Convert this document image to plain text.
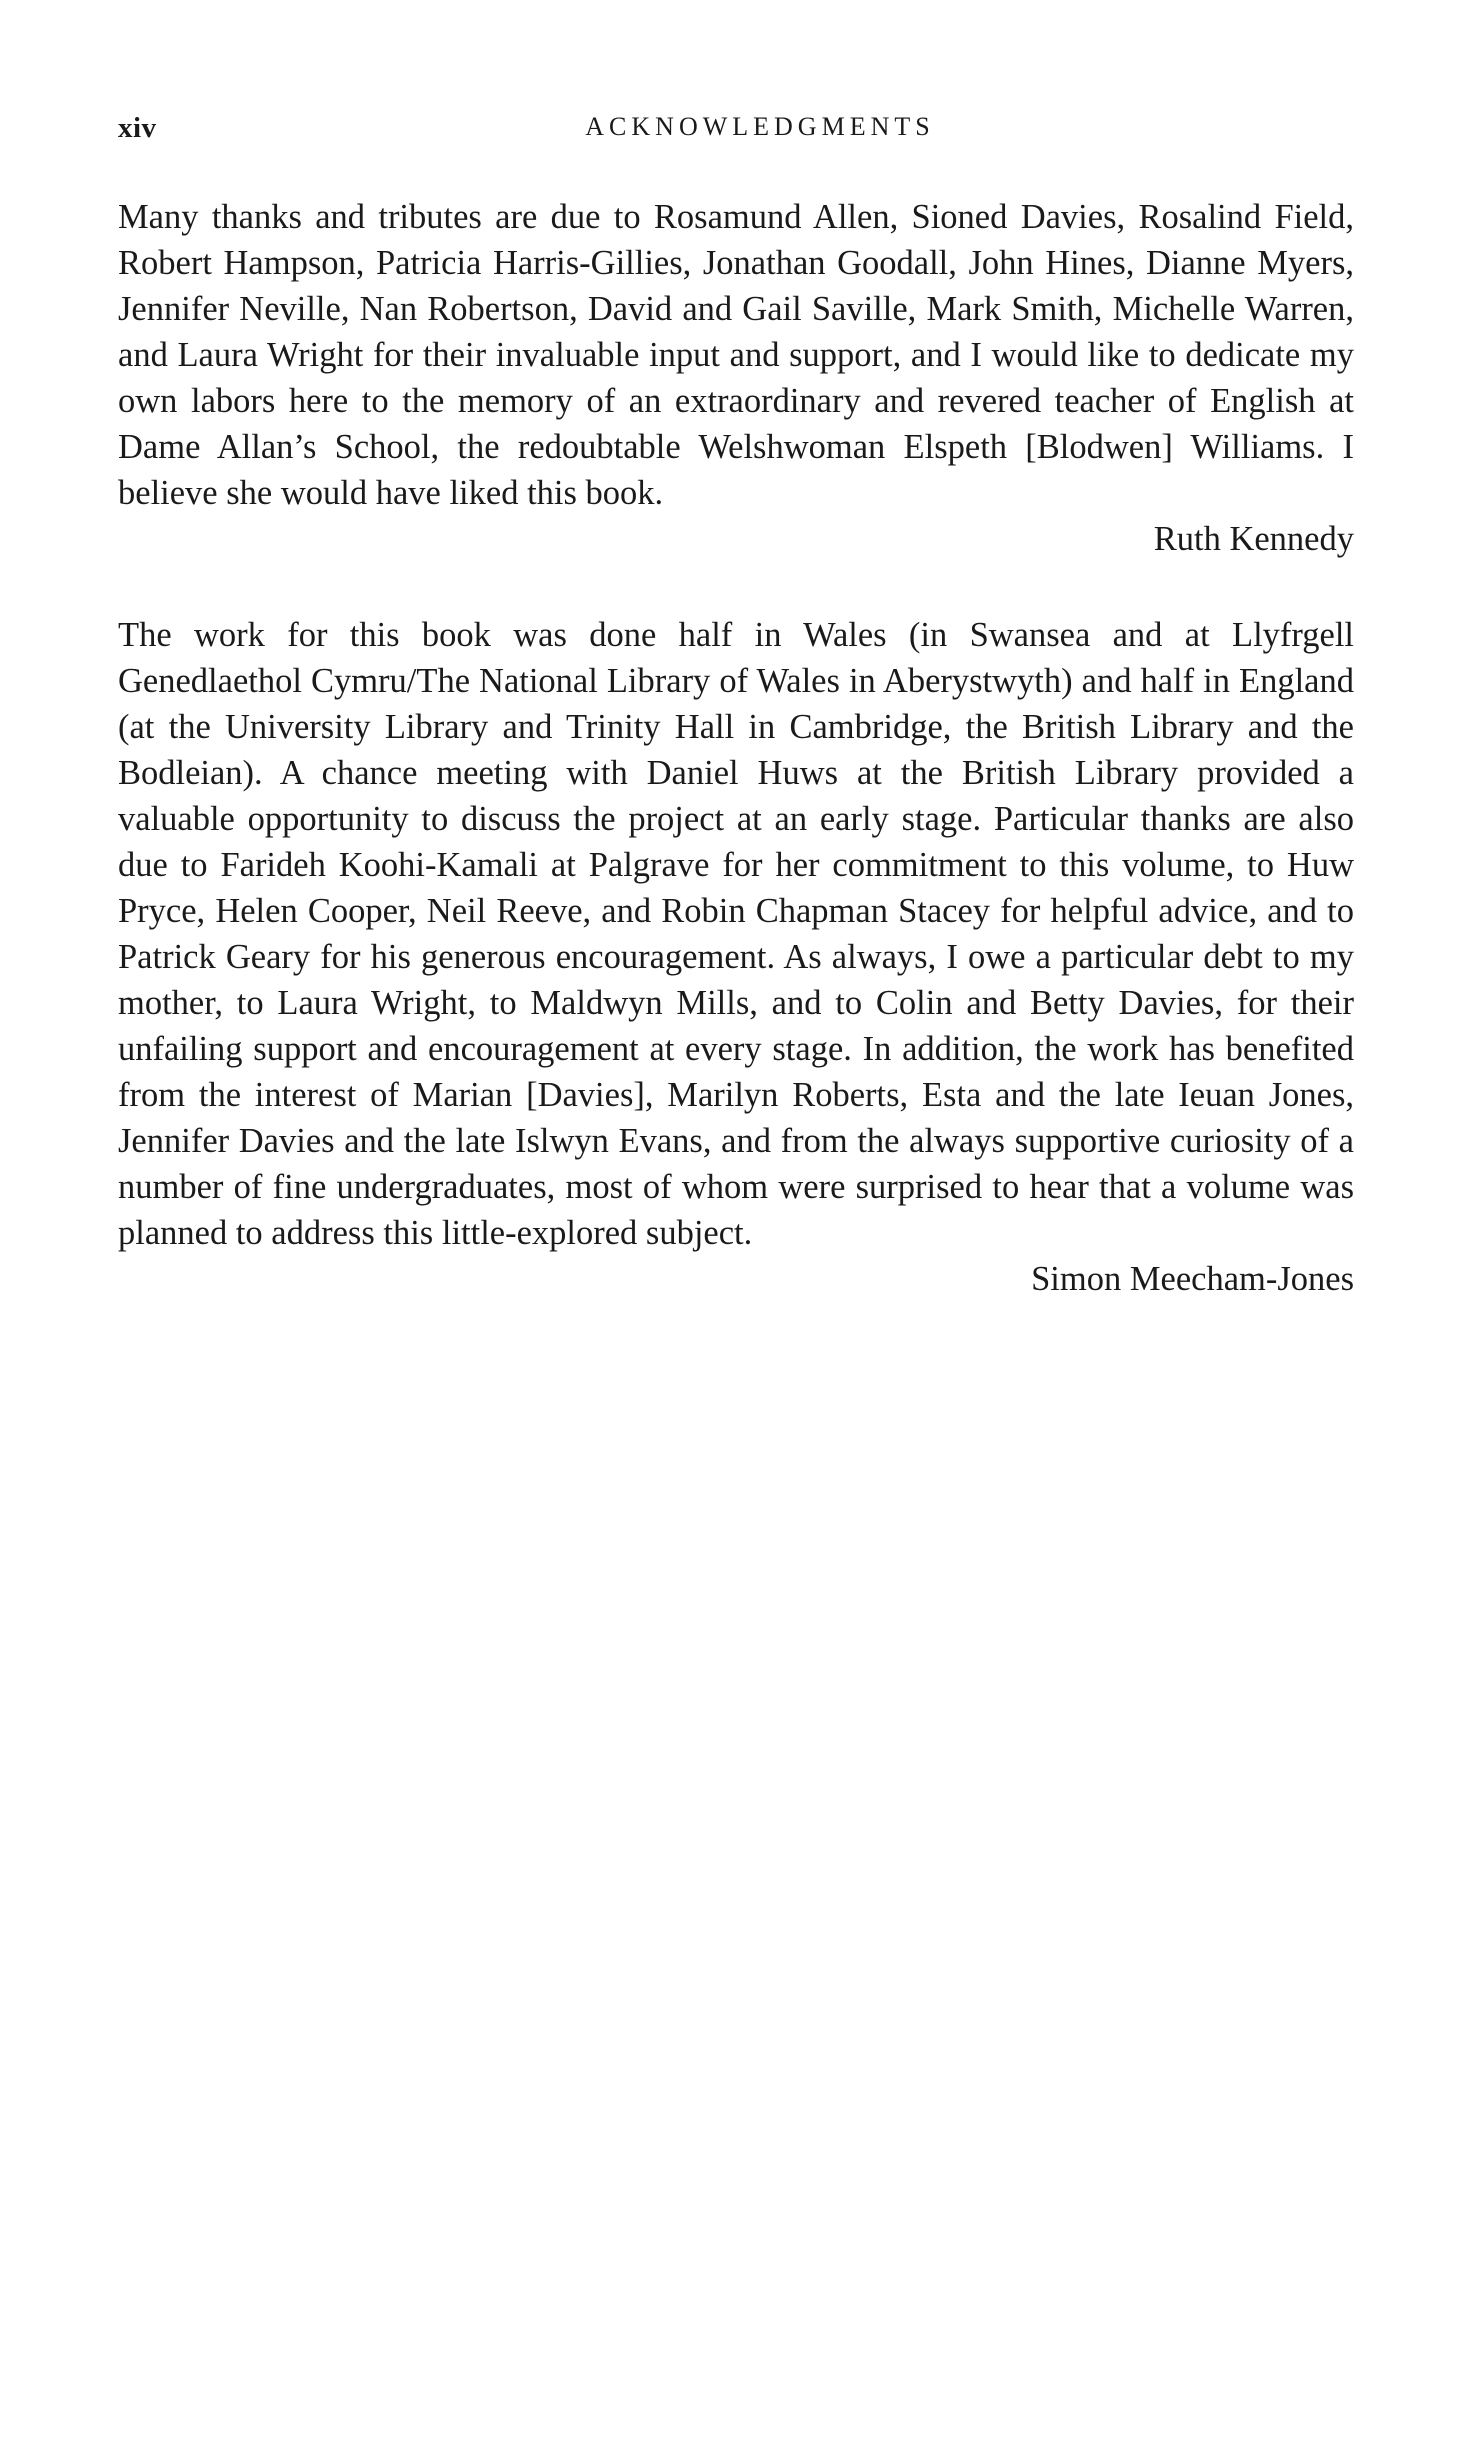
xiv	ACKNOWLEDGMENTS

Many thanks and tributes are due to Rosamund Allen, Sioned Davies, Rosalind Field, Robert Hampson, Patricia Harris-Gillies, Jonathan Goodall, John Hines, Dianne Myers, Jennifer Neville, Nan Robertson, David and Gail Saville, Mark Smith, Michelle Warren, and Laura Wright for their invaluable input and support, and I would like to dedicate my own labors here to the memory of an extraordinary and revered teacher of English at Dame Allan’s School, the redoubtable Welshwoman Elspeth [Blodwen] Williams. I believe she would have liked this book.

Ruth Kennedy

The work for this book was done half in Wales (in Swansea and at Llyfrgell Genedlaethol Cymru/The National Library of Wales in Aberystwyth) and half in England (at the University Library and Trinity Hall in Cambridge, the British Library and the Bodleian). A chance meeting with Daniel Huws at the British Library provided a valuable opportunity to discuss the project at an early stage. Particular thanks are also due to Farideh Koohi-Kamali at Palgrave for her commitment to this volume, to Huw Pryce, Helen Cooper, Neil Reeve, and Robin Chapman Stacey for helpful advice, and to Patrick Geary for his generous encouragement. As always, I owe a particular debt to my mother, to Laura Wright, to Maldwyn Mills, and to Colin and Betty Davies, for their unfailing support and encouragement at every stage. In addition, the work has benefited from the interest of Marian [Davies], Marilyn Roberts, Esta and the late Ieuan Jones, Jennifer Davies and the late Islwyn Evans, and from the always supportive curiosity of a number of fine undergraduates, most of whom were surprised to hear that a volume was planned to address this little-explored subject.

Simon Meecham-Jones
